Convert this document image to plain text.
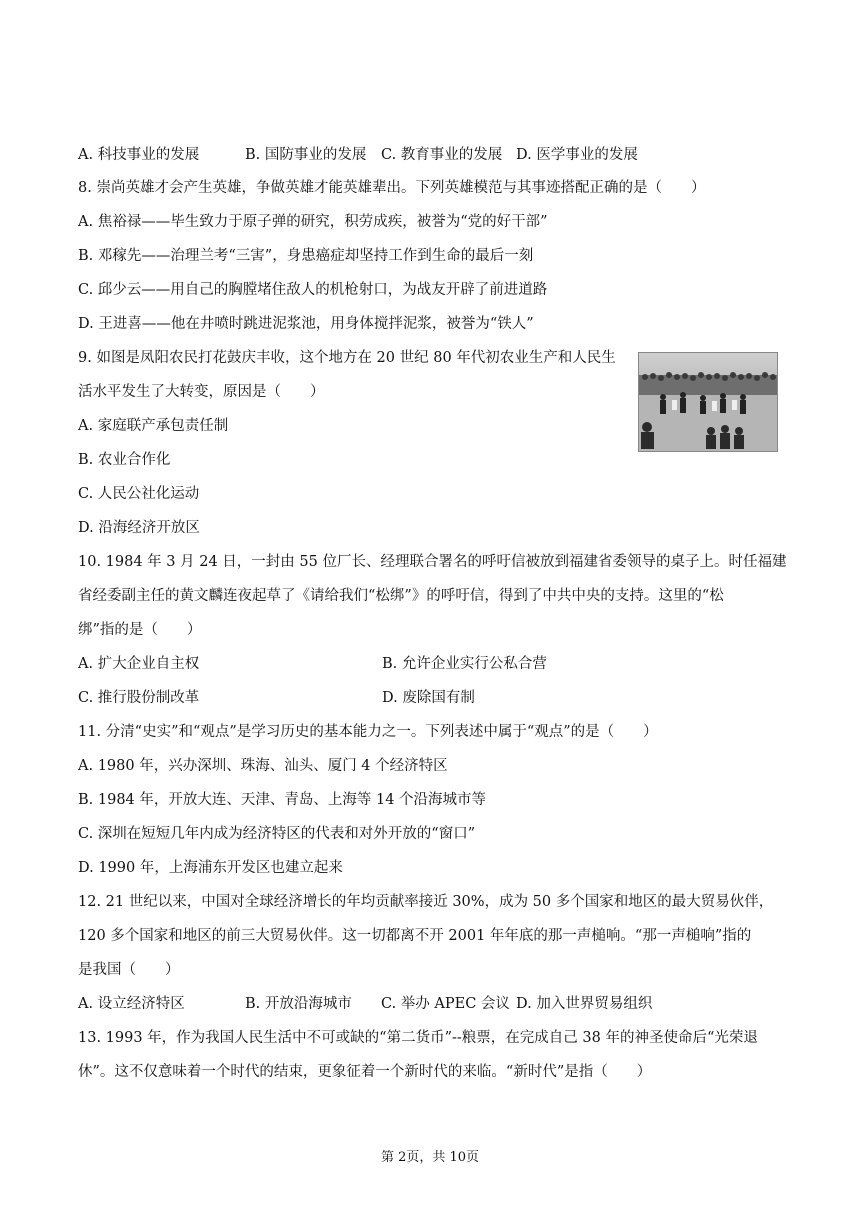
A. 科技事业的发展	B. 国防事业的发展 C. 教育事业的发展 D. 医学事业的发展
8. 崇尚英雄才会产生英雄，争做英雄才能英雄辈出。下列英雄模范与其事迹搭配正确的是（　　）
A. 焦裕禄——毕生致力于原子弹的研究，积劳成疾，被誉为“党的好干部”
B. 邓稼先——治理兰考“三害”，身患癌症却坚持工作到生命的最后一刻
C. 邱少云——用自己的胸膛堵住敌人的机枪射口，为战友开辟了前进道路
D. 王进喜——他在井喷时跳进泥浆池，用身体搅拌泥浆，被誉为“铁人”
9. 如图是凤阳农民打花鼓庆丰收，这个地方在 20 世纪 80 年代初农业生产和人民生
活水平发生了大转变，原因是（　　）
A. 家庭联产承包责任制
B. 农业合作化
C. 人民公社化运动
D. 沿海经济开放区
10. 1984 年 3 月 24 日，一封由 55 位厂长、经理联合署名的呼吁信被放到福建省委领导的桌子上。时任福建
省经委副主任的黄文麟连夜起草了《请给我们“松绑”》的呼吁信，得到了中共中央的支持。这里的“松
绑”指的是（　　）
A. 扩大企业自主权	B. 允许企业实行公私合营
C. 推行股份制改革	D. 废除国有制
11. 分清“史实”和“观点”是学习历史的基本能力之一。下列表述中属于“观点”的是（　　）
A. 1980 年，兴办深圳、珠海、汕头、厦门 4 个经济特区
B. 1984 年，开放大连、天津、青岛、上海等 14 个沿海城市等
C. 深圳在短短几年内成为经济特区的代表和对外开放的“窗口”
D. 1990 年，上海浦东开发区也建立起来
12. 21 世纪以来，中国对全球经济增长的年均贡献率接近 30%，成为 50 多个国家和地区的最大贸易伙伴，
120 多个国家和地区的前三大贸易伙伴。这一切都离不开 2001 年年底的那一声槌响。“那一声槌响”指的
是我国（　　）
A. 设立经济特区	B. 开放沿海城市 C. 举办 APEC 会议 D. 加入世界贸易组织
13. 1993 年，作为我国人民生活中不可或缺的“第二货币”--粮票，在完成自己 38 年的神圣使命后“光荣退
休”。这不仅意味着一个时代的结束，更象征着一个新时代的来临。“新时代”是指（　　）
第 2页，共 10页
